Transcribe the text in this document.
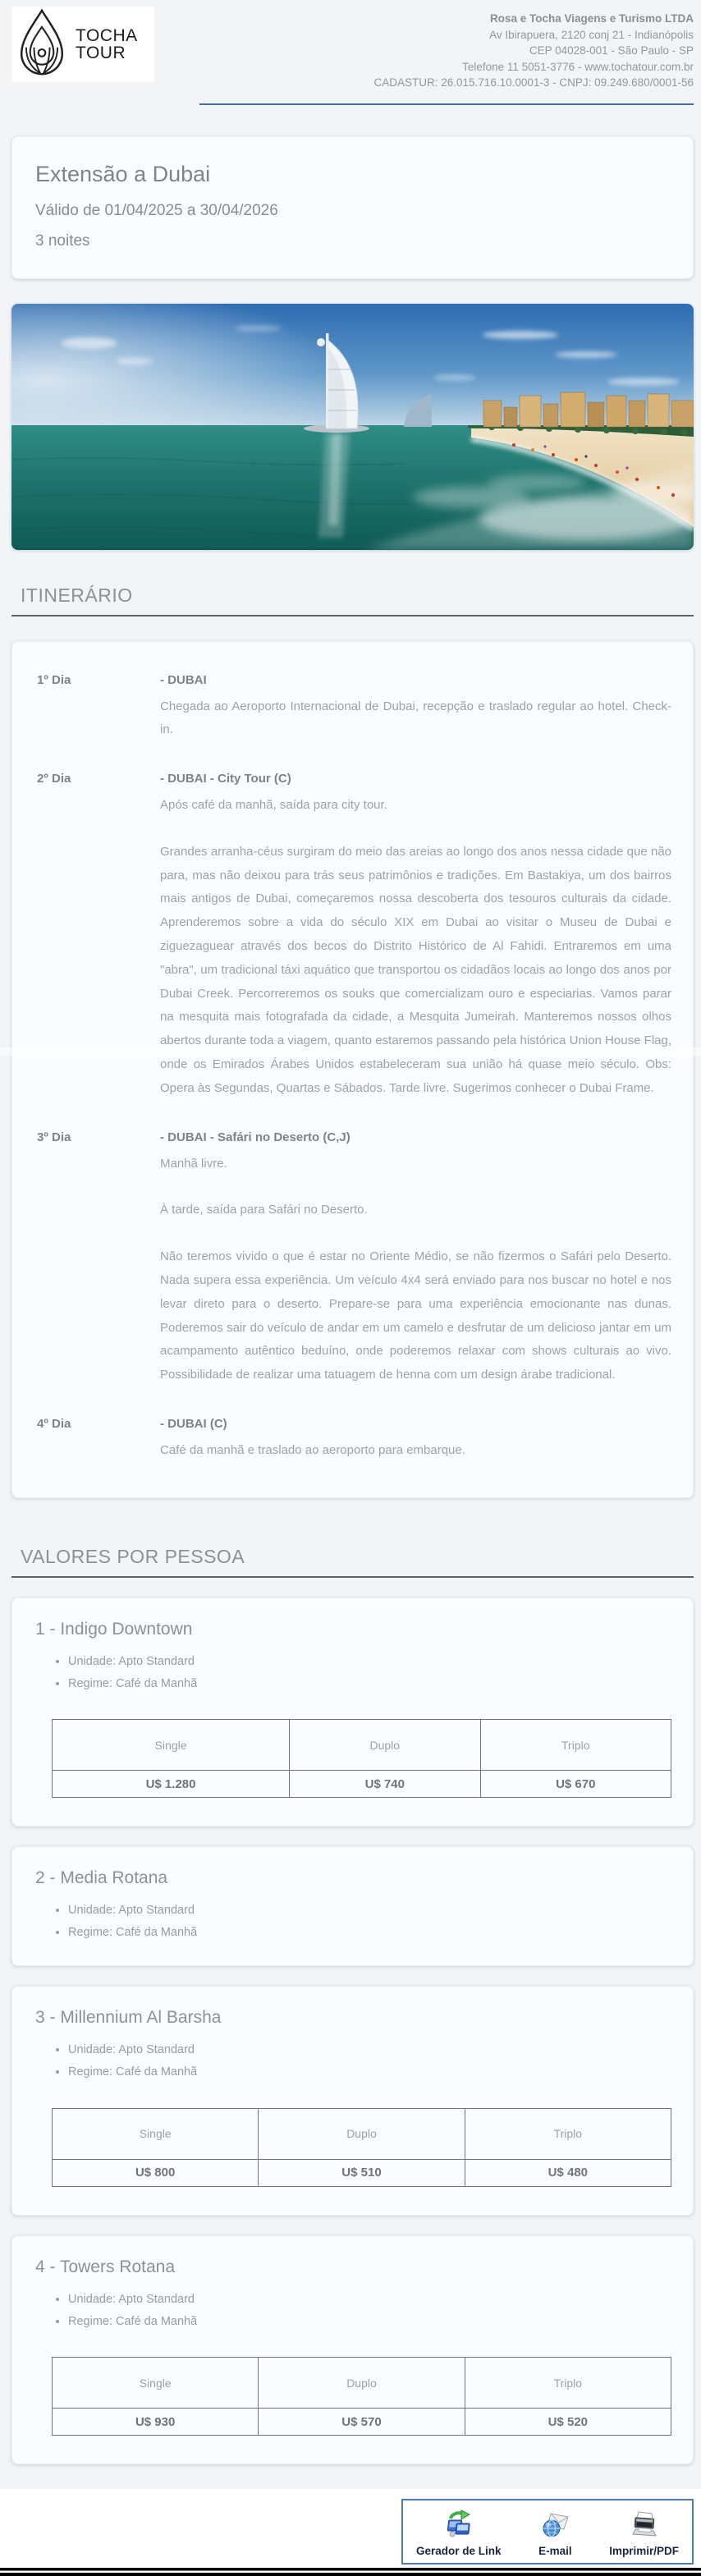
TOCHA
TOUR
Rosa e Tocha Viagens e Turismo LTDA
Av Ibirapuera, 2120 conj 21 - Indianópolis
CEP 04028-001 - São Paulo - SP
Telefone 11 5051-3776 - www.tochatour.com.br
CADASTUR: 26.015.716.10.0001-3 - CNPJ: 09.249.680/0001-56
Extensão a Dubai

Válido de 01/04/2025 a 30/04/2026

3 noites

ITINERÁRIO
1º Dia	- DUBAI

Chegada ao Aeroporto Internacional de Dubai, recepção e traslado regular ao hotel. Check-in.

2º Dia	- DUBAI - City Tour (C)

Após café da manhã, saída para city tour.

Grandes arranha-céus surgiram do meio das areias ao longo dos anos nessa cidade que não para, mas não deixou para trás seus patrimônios e tradições. Em Bastakiya, um dos bairros mais antigos de Dubai, começaremos nossa descoberta dos tesouros culturais da cidade. Aprenderemos sobre a vida do século XIX em Dubai ao visitar o Museu de Dubai e ziguezaguear através dos becos do Distrito Histórico de Al Fahidi. Entraremos em uma "abra", um tradicional táxi aquático que transportou os cidadãos locais ao longo dos anos por Dubai Creek. Percorreremos os souks que comercializam ouro e especiarias. Vamos parar na mesquita mais fotografada da cidade, a Mesquita Jumeirah. Manteremos nossos olhos abertos durante toda a viagem, quanto estaremos passando pela histórica Union House Flag, onde os Emirados Árabes Unidos estabeleceram sua união há quase meio século. Obs: Opera às Segundas, Quartas e Sábados. Tarde livre. Sugerimos conhecer o Dubai Frame.

3º Dia	- DUBAI - Safári no Deserto (C,J)

Manhã livre.

À tarde, saída para Safári no Deserto.

Não teremos vivido o que é estar no Oriente Médio, se não fizermos o Safári pelo Deserto. Nada supera essa experiência. Um veículo 4x4 será enviado para nos buscar no hotel e nos levar direto para o deserto. Prepare-se para uma experiência emocionante nas dunas. Poderemos sair do veículo de andar em um camelo e desfrutar de um delicioso jantar em um acampamento autêntico beduíno, onde poderemos relaxar com shows culturais ao vivo. Possibilidade de realizar uma tatuagem de henna com um design árabe tradicional.

4º Dia	- DUBAI (C)

Café da manhã e traslado ao aeroporto para embarque.

VALORES POR PESSOA
1 - Indigo Downtown
• Unidade: Apto Standard
• Regime: Café da Manhã
Single	Duplo	Triplo
U$ 1.280	U$ 740	U$ 670
2 - Media Rotana
• Unidade: Apto Standard
• Regime: Café da Manhã
3 - Millennium Al Barsha
• Unidade: Apto Standard
• Regime: Café da Manhã
Single	Duplo	Triplo
U$ 800	U$ 510	U$ 480
4 - Towers Rotana
• Unidade: Apto Standard
• Regime: Café da Manhã
Single	Duplo	Triplo
U$ 930	U$ 570	U$ 520
Gerador de Link	E-mail	Imprimir/PDF
